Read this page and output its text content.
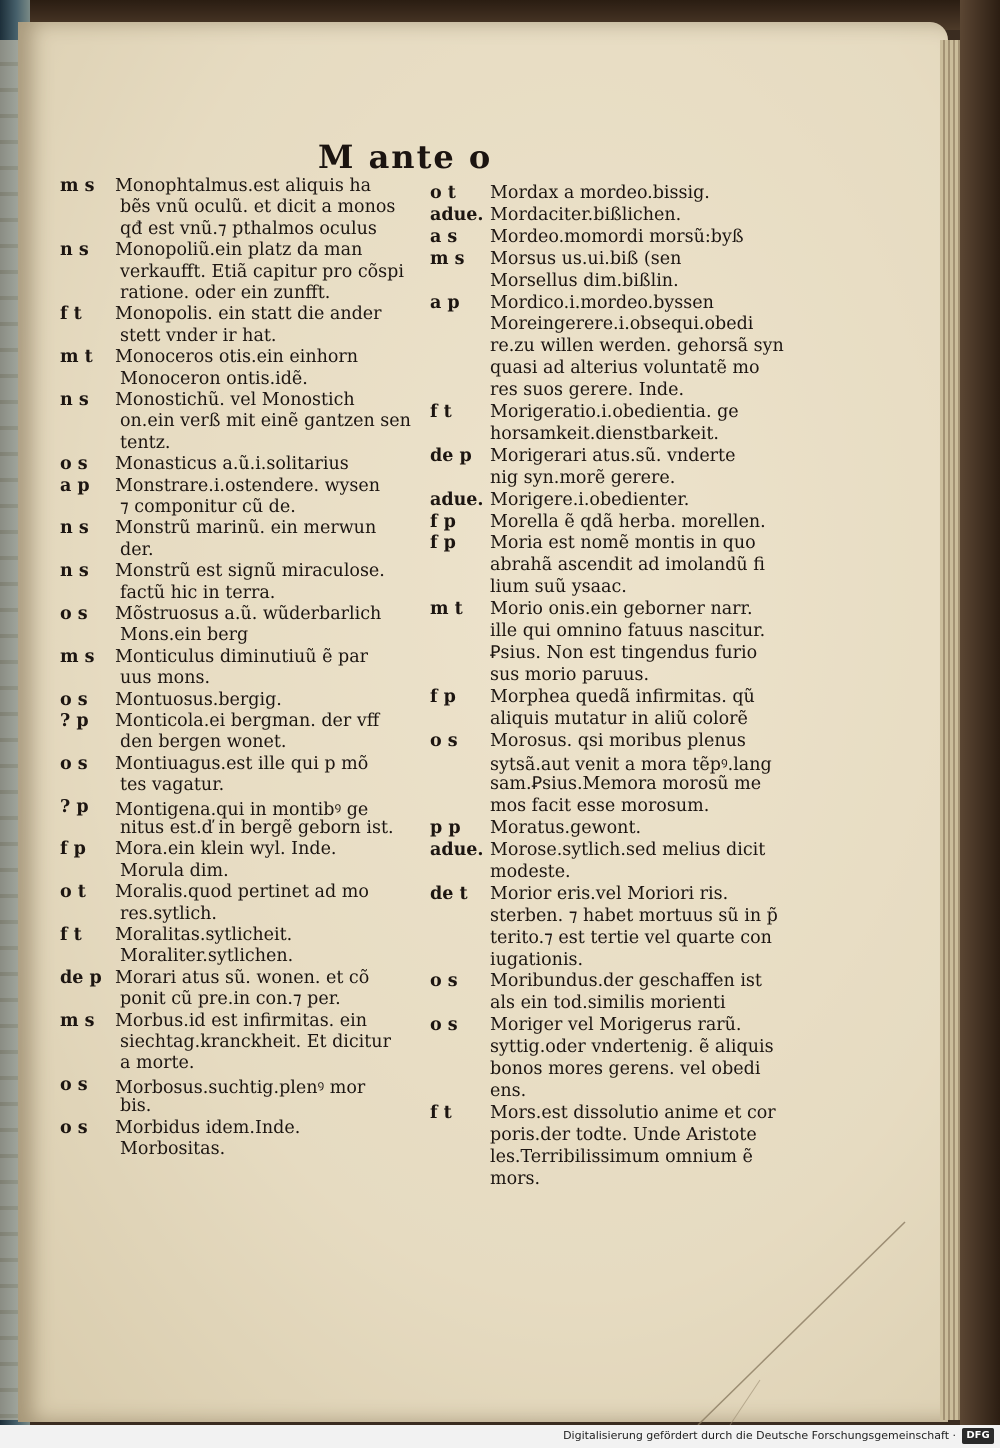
M ante o
m s	Monophtalmus.est aliquis ha
bẽs vnũ oculũ. et dicit a monos
qđ est vnũ.⁊ pthalmos oculus
n s	Monopoliũ.ein platz da man
verkaufft. Etiã capitur pro cõspi
ratione. oder ein zunfft.
f t	Monopolis. ein statt die ander
stett vnder ir hat.
m t	Monoceros otis.ein einhorn
Monoceron ontis.idẽ.
n s	Monostichũ. vel Monostich
on.ein verß mit einẽ gantzen sen
tentz.
o s	Monasticus a.ũ.i.solitarius
a p	Monstrare.i.ostendere. wysen
⁊ componitur cũ de.
n s	Monstrũ marinũ. ein merwun
der.
n s	Monstrũ est signũ miraculose.
factũ hic in terra.
o s	Mõstruosus a.ũ. wũderbarlich
Mons.ein berg
m s	Monticulus diminutiuũ ẽ par
uus mons.
o s	Montuosus.bergig.
? p	Monticola.ei bergman. der vff
den bergen wonet.
o s	Montiuagus.est ille qui p mõ
tes vagatur.
? p	Montigena.qui in montibꝰ ge
nitus est.ď in bergẽ geborn ist.
f p	Mora.ein klein wyl. Inde.
Morula dim.
o t	Moralis.quod pertinet ad mo
res.sytlich.
f t	Moralitas.sytlicheit.
Moraliter.sytlichen.
de p Morari atus sũ. wonen. et cõ
ponit cũ pre.in con.⁊ per.
m s	Morbus.id est infirmitas. ein
siechtag.kranckheit. Et dicitur
a morte.
o s	Morbosus.suchtig.plenꝰ mor
bis.
o s	Morbidus idem.Inde.
Morbositas.
o t	Mordax a mordeo.bissig.
adue. Mordaciter.bißlichen.
a s	Mordeo.momordi morsũ:byß
m s	Morsus us.ui.biß (sen
Morsellus dim.bißlin.
a p	Mordico.i.mordeo.byssen
Moreingerere.i.obsequi.obedi
re.zu willen werden. gehorsã syn
quasi ad alterius voluntatẽ mo
res suos gerere. Inde.
f t	Morigeratio.i.obedientia. ge
horsamkeit.dienstbarkeit.
de p	Morigerari atus.sũ. vnderte
nig syn.morẽ gerere.
adue. Morigere.i.obedienter.
f p	Morella ẽ qdã herba. morellen.
f p	Moria est nomẽ montis in quo
abrahã ascendit ad imolandũ fi
lium suũ ysaac.
m t	Morio onis.ein geborner narr.
ille qui omnino fatuus nascitur.
Ꝑsius. Non est tingendus furio
sus morio paruus.
f p	Morphea quedã infirmitas. qũ
aliquis mutatur in aliũ colorẽ
o s	Morosus. qsi moribus plenus
sytsã.aut venit a mora tẽpꝰ.lang
sam.Ꝑsius.Memora morosũ me
mos facit esse morosum.
p p	Moratus.gewont.
adue. Morose.sytlich.sed melius dicit
modeste.
de t	Morior eris.vel Moriori ris.
sterben. ⁊ habet mortuus sũ in p̃
terito.⁊ est tertie vel quarte con
iugationis.
o s	Moribundus.der geschaffen ist
als ein tod.similis morienti
o s	Moriger vel Morigerus rarũ.
syttig.oder vndertenig. ẽ aliquis
bonos mores gerens. vel obedi
ens.
f t	Mors.est dissolutio anime et cor
poris.der todte. Unde Aristote
les.Terribilissimum omnium ẽ
mors.
Digitalisierung gefördert durch die Deutsche Forschungsgemeinschaft ·	DFG
